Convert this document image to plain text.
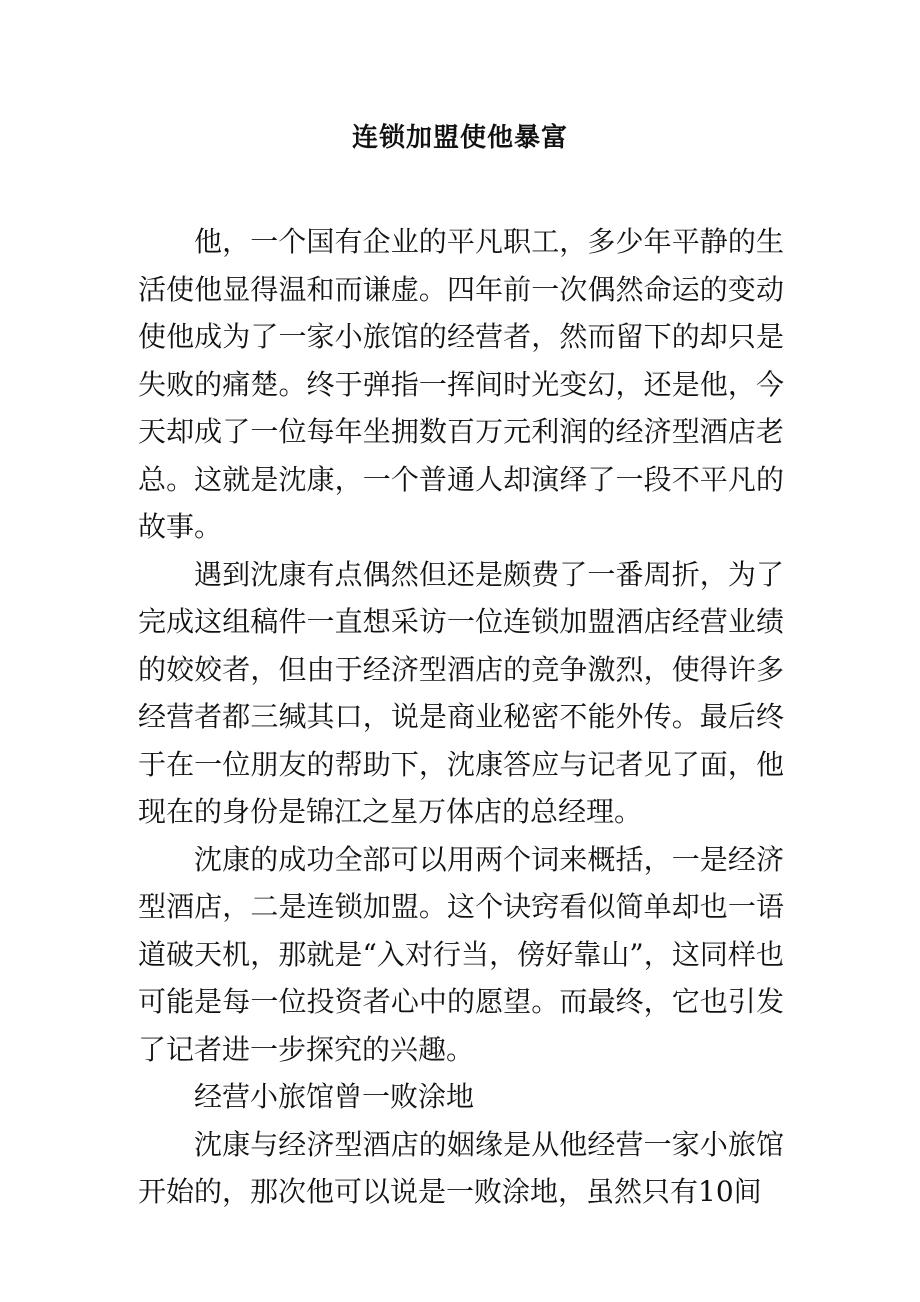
连锁加盟使他暴富

他，一个国有企业的平凡职工，多少年平静的生活使他显得温和而谦虚。四年前一次偶然命运的变动使他成为了一家小旅馆的经营者，然而留下的却只是失败的痛楚。终于弹指一挥间时光变幻，还是他，今天却成了一位每年坐拥数百万元利润的经济型酒店老总。这就是沈康，一个普通人却演绎了一段不平凡的故事。

遇到沈康有点偶然但还是颇费了一番周折，为了完成这组稿件一直想采访一位连锁加盟酒店经营业绩的姣姣者，但由于经济型酒店的竞争激烈，使得许多经营者都三缄其口，说是商业秘密不能外传。最后终于在一位朋友的帮助下，沈康答应与记者见了面，他现在的身份是锦江之星万体店的总经理。

沈康的成功全部可以用两个词来概括，一是经济型酒店，二是连锁加盟。这个诀窍看似简单却也一语道破天机，那就是“入对行当，傍好靠山”，这同样也可能是每一位投资者心中的愿望。而最终，它也引发了记者进一步探究的兴趣。

经营小旅馆曾一败涂地

沈康与经济型酒店的姻缘是从他经营一家小旅馆开始的，那次他可以说是一败涂地，虽然只有10间
